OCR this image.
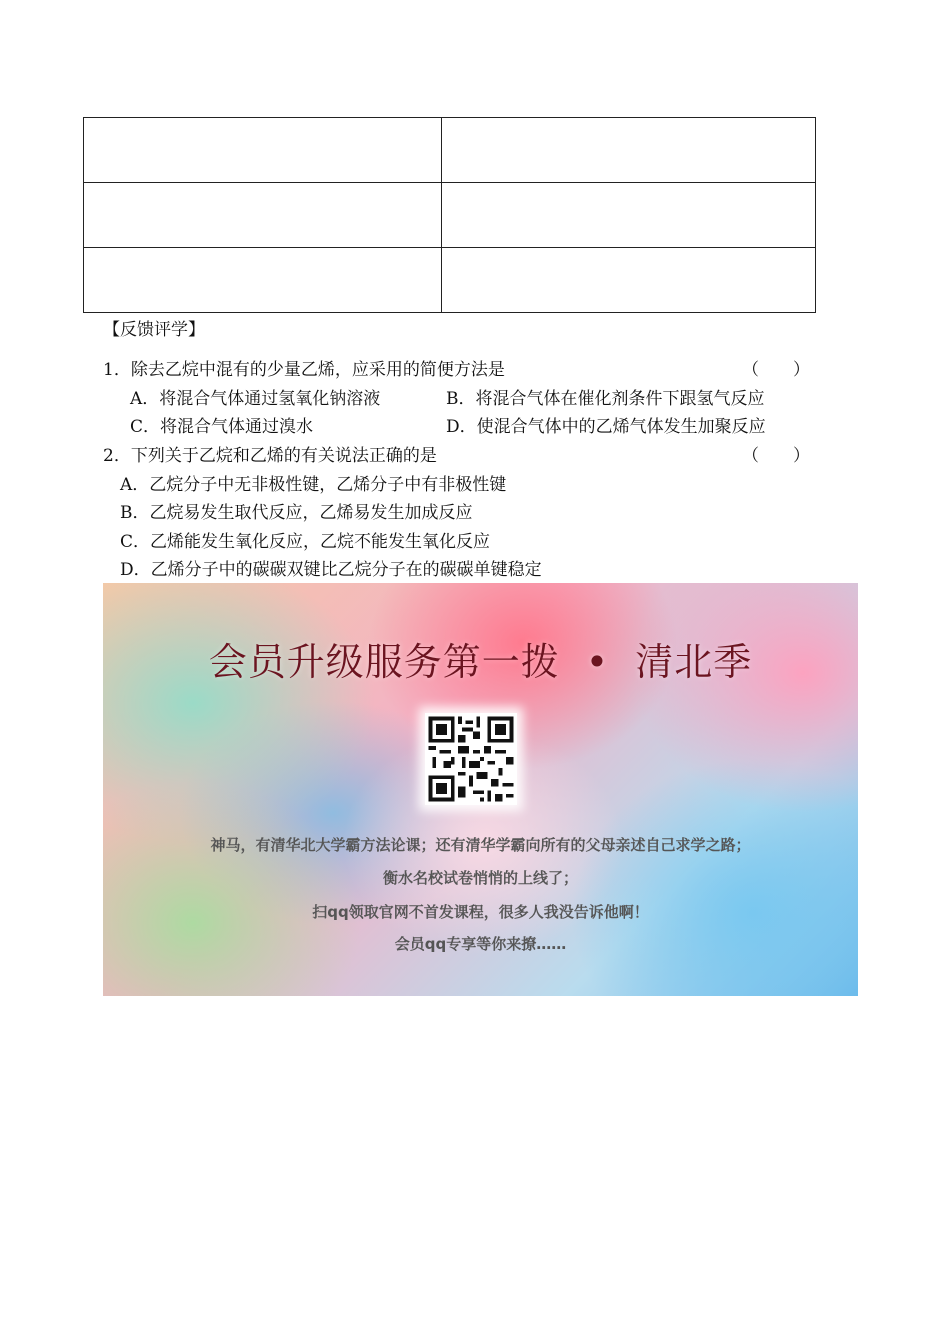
【反馈评学】
1．除去乙烷中混有的少量乙烯，应采用的简便方法是	（　　）
A．将混合气体通过氢氧化钠溶液	B．将混合气体在催化剂条件下跟氢气反应
C．将混合气体通过溴水	D．使混合气体中的乙烯气体发生加聚反应
2．下列关于乙烷和乙烯的有关说法正确的是	（　　）
A．乙烷分子中无非极性键，乙烯分子中有非极性键
B．乙烷易发生取代反应，乙烯易发生加成反应
C．乙烯能发生氧化反应，乙烷不能发生氧化反应
D．乙烯分子中的碳碳双键比乙烷分子在的碳碳单键稳定
会员升级服务第一拨 • 清北季
神马，有清华北大学霸方法论课；还有清华学霸向所有的父母亲述自己求学之路；
衡水名校试卷悄悄的上线了；
扫qq领取官网不首发课程，很多人我没告诉他啊！
会员qq专享等你来撩……
